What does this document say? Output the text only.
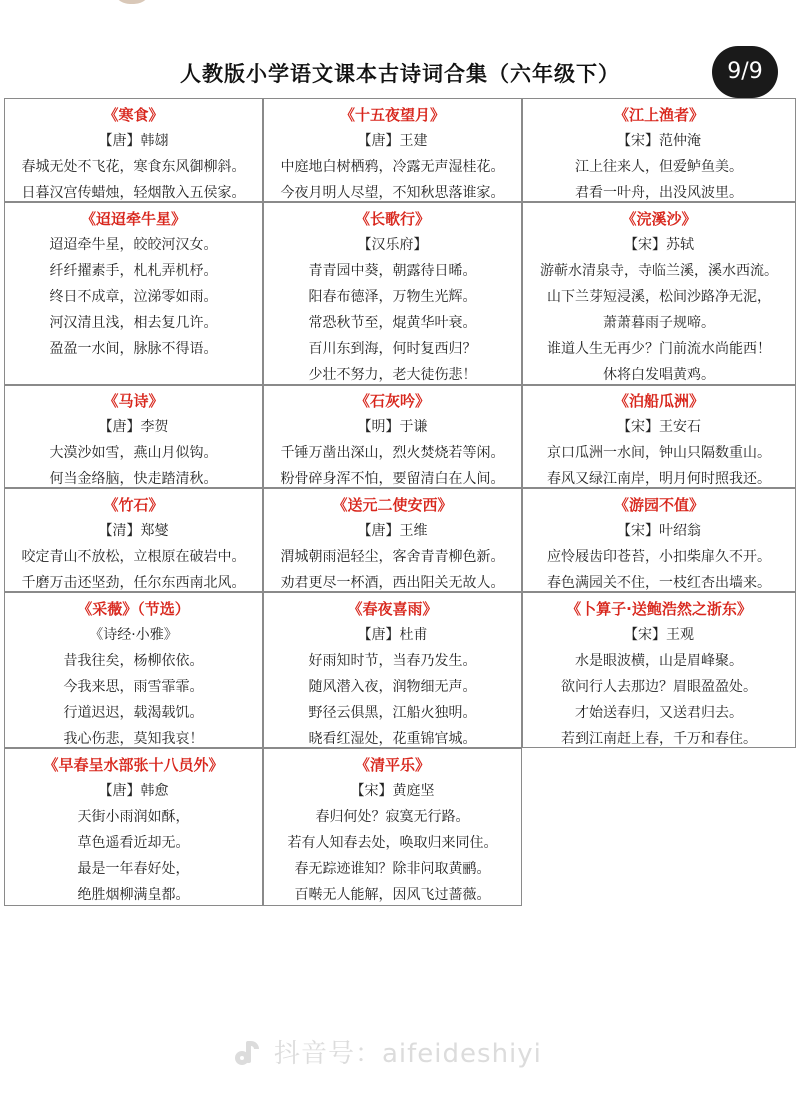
人教版小学语文课本古诗词合集（六年级下）	9/9
《寒食》
【唐】韩翃
春城无处不飞花，寒食东风御柳斜。
日暮汉宫传蜡烛，轻烟散入五侯家。
《十五夜望月》
【唐】王建
中庭地白树栖鸦，冷露无声湿桂花。
今夜月明人尽望，不知秋思落谁家。
《江上渔者》
【宋】范仲淹
江上往来人，但爱鲈鱼美。
君看一叶舟，出没风波里。
《迢迢牵牛星》
迢迢牵牛星，皎皎河汉女。
纤纤擢素手，札札弄机杼。
终日不成章，泣涕零如雨。
河汉清且浅，相去复几许。
盈盈一水间，脉脉不得语。
《长歌行》
【汉乐府】
青青园中葵，朝露待日晞。
阳春布德泽，万物生光辉。
常恐秋节至，焜黄华叶衰。
百川东到海，何时复西归？
少壮不努力，老大徒伤悲！
《浣溪沙》
【宋】苏轼
游蕲水清泉寺，寺临兰溪，溪水西流。
山下兰芽短浸溪，松间沙路净无泥，
萧萧暮雨子规啼。
谁道人生无再少？门前流水尚能西！
休将白发唱黄鸡。
《马诗》
【唐】李贺
大漠沙如雪，燕山月似钩。
何当金络脑，快走踏清秋。
《石灰吟》
【明】于谦
千锤万凿出深山，烈火焚烧若等闲。
粉骨碎身浑不怕，要留清白在人间。
《泊船瓜洲》
【宋】王安石
京口瓜洲一水间，钟山只隔数重山。
春风又绿江南岸，明月何时照我还。
《竹石》
【清】郑燮
咬定青山不放松，立根原在破岩中。
千磨万击还坚劲，任尔东西南北风。
《送元二使安西》
【唐】王维
渭城朝雨浥轻尘，客舍青青柳色新。
劝君更尽一杯酒，西出阳关无故人。
《游园不值》
【宋】叶绍翁
应怜屐齿印苍苔，小扣柴扉久不开。
春色满园关不住，一枝红杏出墙来。
《采薇》（节选）
《诗经·小雅》
昔我往矣，杨柳依依。
今我来思，雨雪霏霏。
行道迟迟，载渴载饥。
我心伤悲，莫知我哀！
《春夜喜雨》
【唐】杜甫
好雨知时节，当春乃发生。
随风潜入夜，润物细无声。
野径云俱黑，江船火独明。
晓看红湿处，花重锦官城。
《卜算子·送鲍浩然之浙东》
【宋】王观
水是眼波横，山是眉峰聚。
欲问行人去那边？眉眼盈盈处。
才始送春归，又送君归去。
若到江南赶上春，千万和春住。
《早春呈水部张十八员外》
【唐】韩愈
天街小雨润如酥，
草色遥看近却无。
最是一年春好处，
绝胜烟柳满皇都。
《清平乐》
【宋】黄庭坚
春归何处？寂寞无行路。
若有人知春去处，唤取归来同住。
春无踪迹谁知？除非问取黄鹂。
百啭无人能解，因风飞过蔷薇。
抖音号：aifeideshiyi
